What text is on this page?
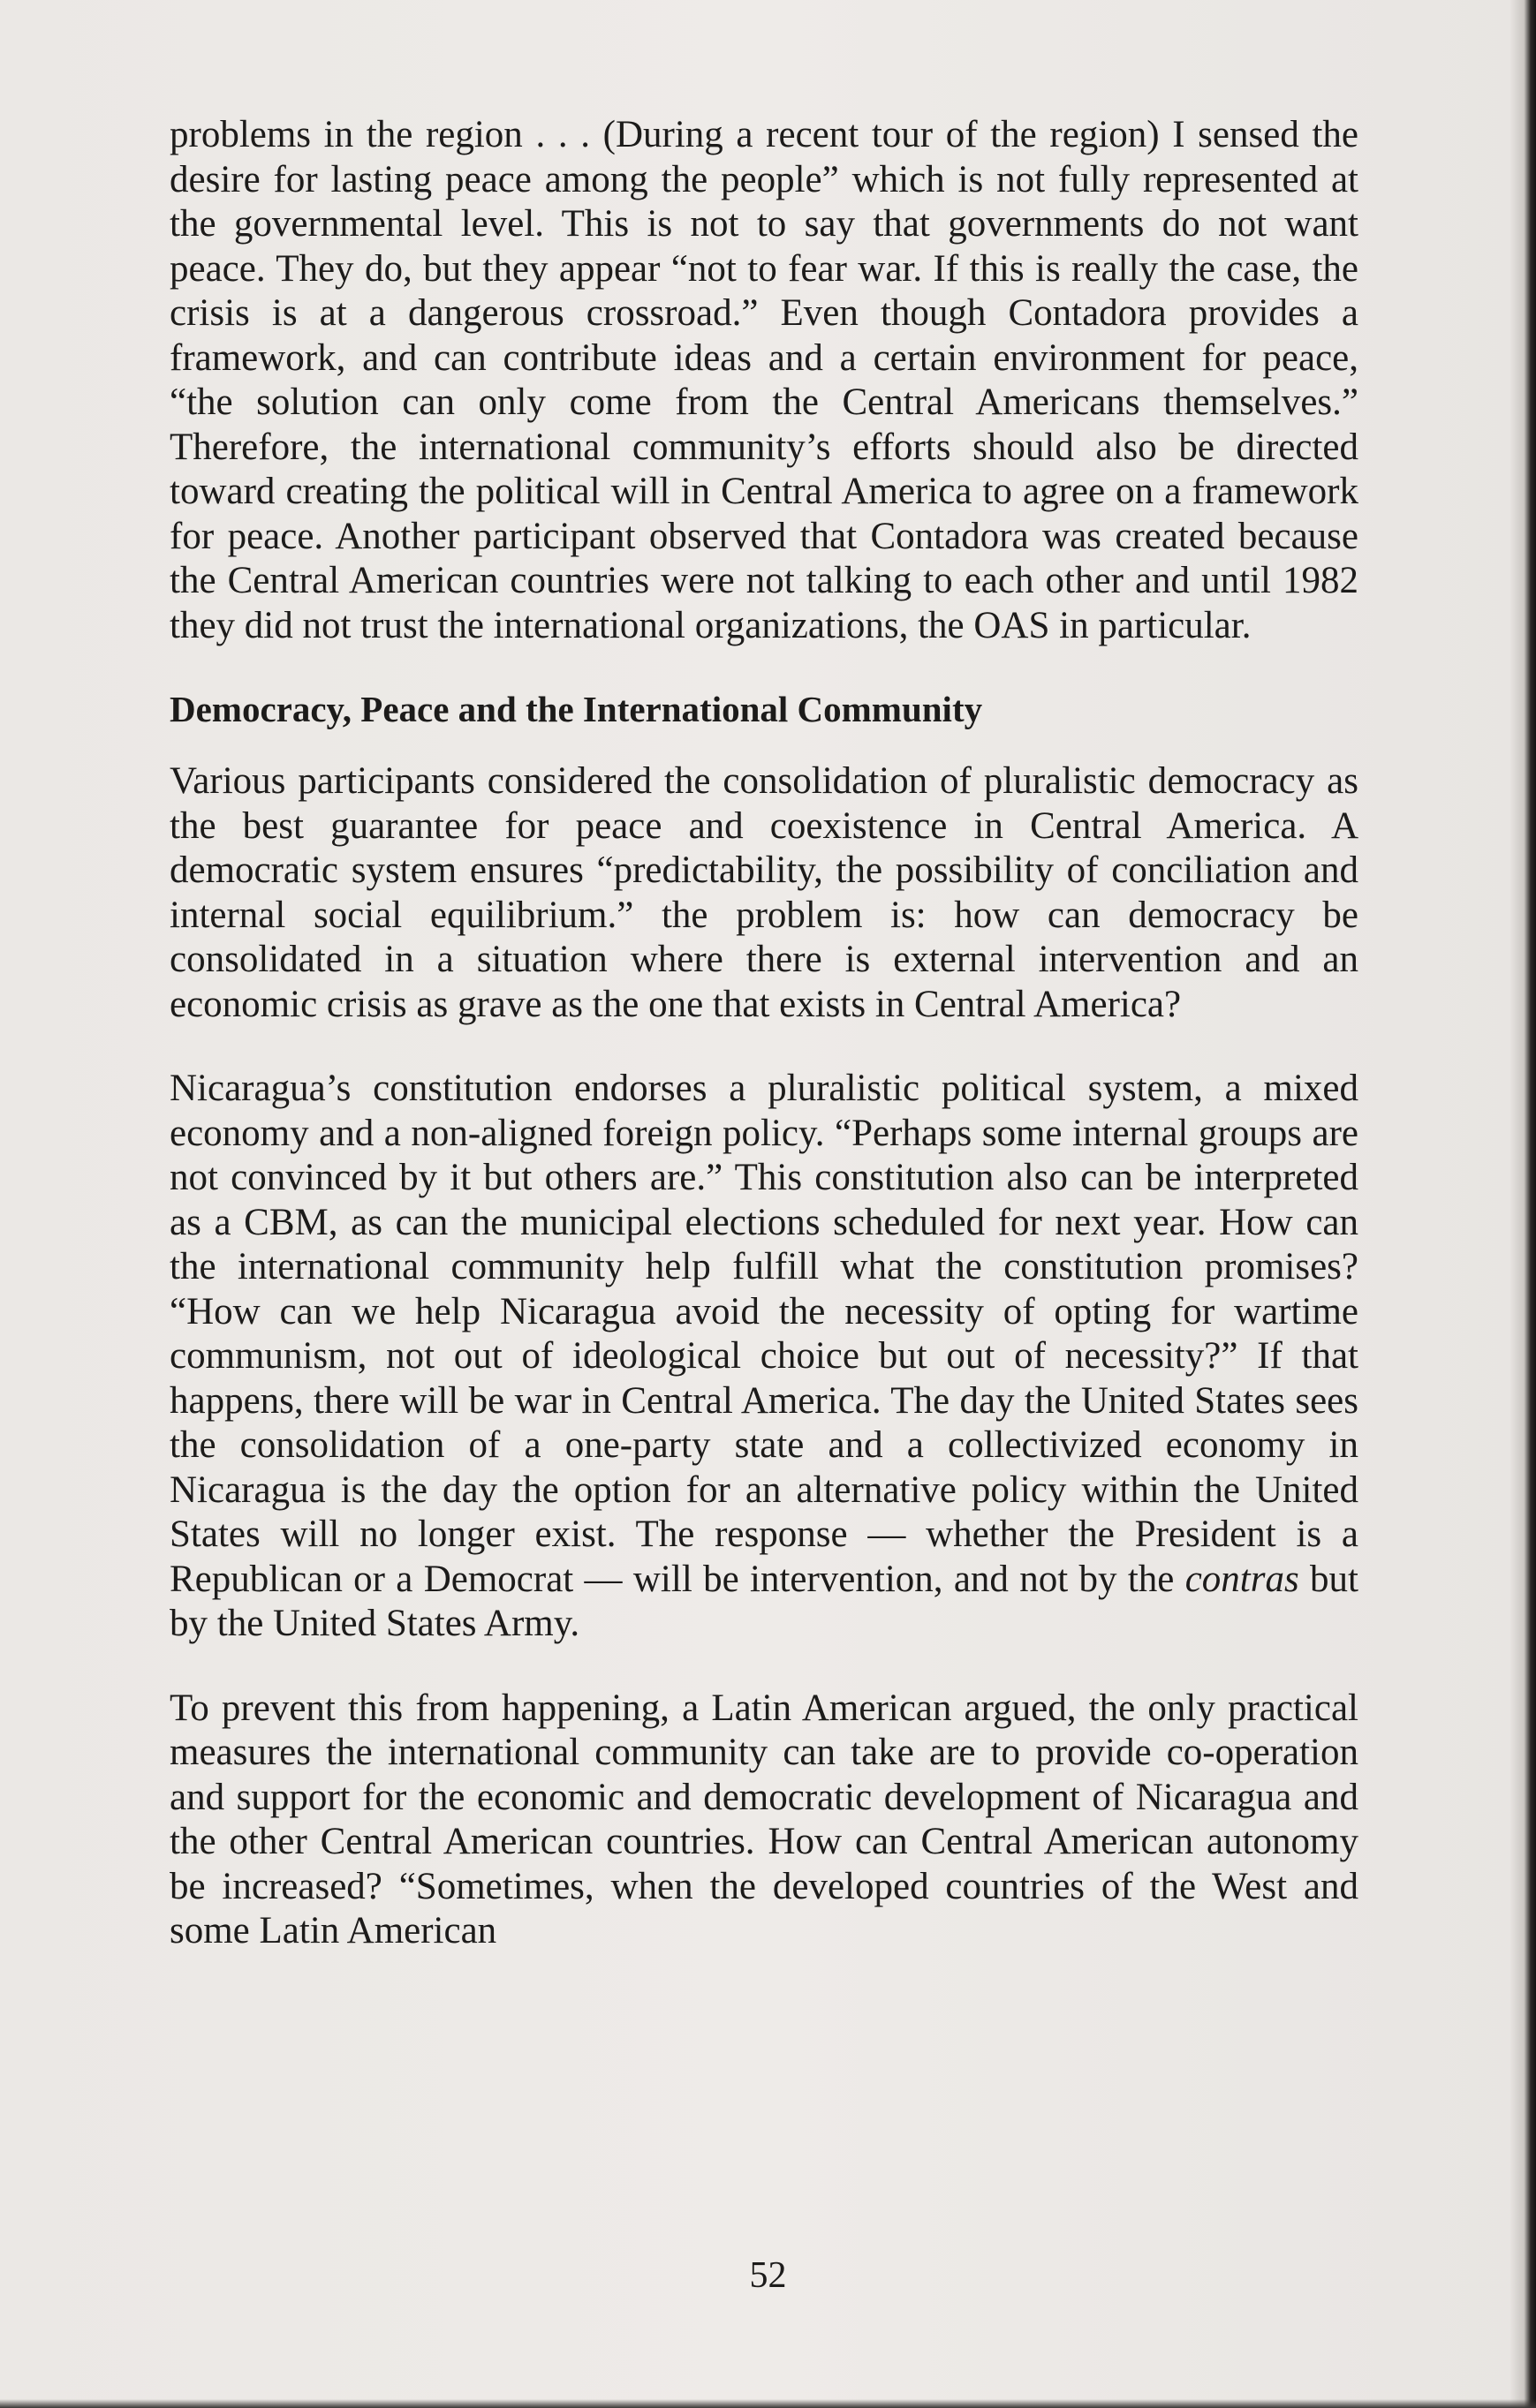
problems in the region . . . (During a recent tour of the region) I sensed the desire for lasting peace among the people” which is not fully represented at the governmental level. This is not to say that governments do not want peace. They do, but they appear “not to fear war. If this is really the case, the crisis is at a dangerous crossroad.” Even though Contadora provides a framework, and can contribute ideas and a certain environment for peace, “the solution can only come from the Central Americans themselves.” Therefore, the international community’s efforts should also be directed toward creating the political will in Central America to agree on a framework for peace. Another participant observed that Contadora was created because the Central American countries were not talking to each other and until 1982 they did not trust the international organizations, the OAS in particular.

Democracy, Peace and the International Community

Various participants considered the consolidation of pluralistic democracy as the best guarantee for peace and coexistence in Central America. A democratic system ensures “predictability, the possibility of conciliation and internal social equilibrium.” the problem is: how can democracy be consolidated in a situation where there is external intervention and an economic crisis as grave as the one that exists in Central America?

Nicaragua’s constitution endorses a pluralistic political system, a mixed economy and a non-aligned foreign policy. “Perhaps some internal groups are not convinced by it but others are.” This constitution also can be interpreted as a CBM, as can the municipal elections scheduled for next year. How can the international community help fulfill what the constitution promises? “How can we help Nicaragua avoid the necessity of opting for wartime communism, not out of ideological choice but out of necessity?” If that happens, there will be war in Central America. The day the United States sees the consolidation of a one-party state and a collectivized economy in Nicaragua is the day the option for an alternative policy within the United States will no longer exist. The response — whether the President is a Republican or a Democrat — will be intervention, and not by the contras but by the United States Army.

To prevent this from happening, a Latin American argued, the only practical measures the international community can take are to provide co-operation and support for the economic and democratic development of Nicaragua and the other Central American countries. How can Central American autonomy be increased? “Sometimes, when the developed countries of the West and some Latin American

52
